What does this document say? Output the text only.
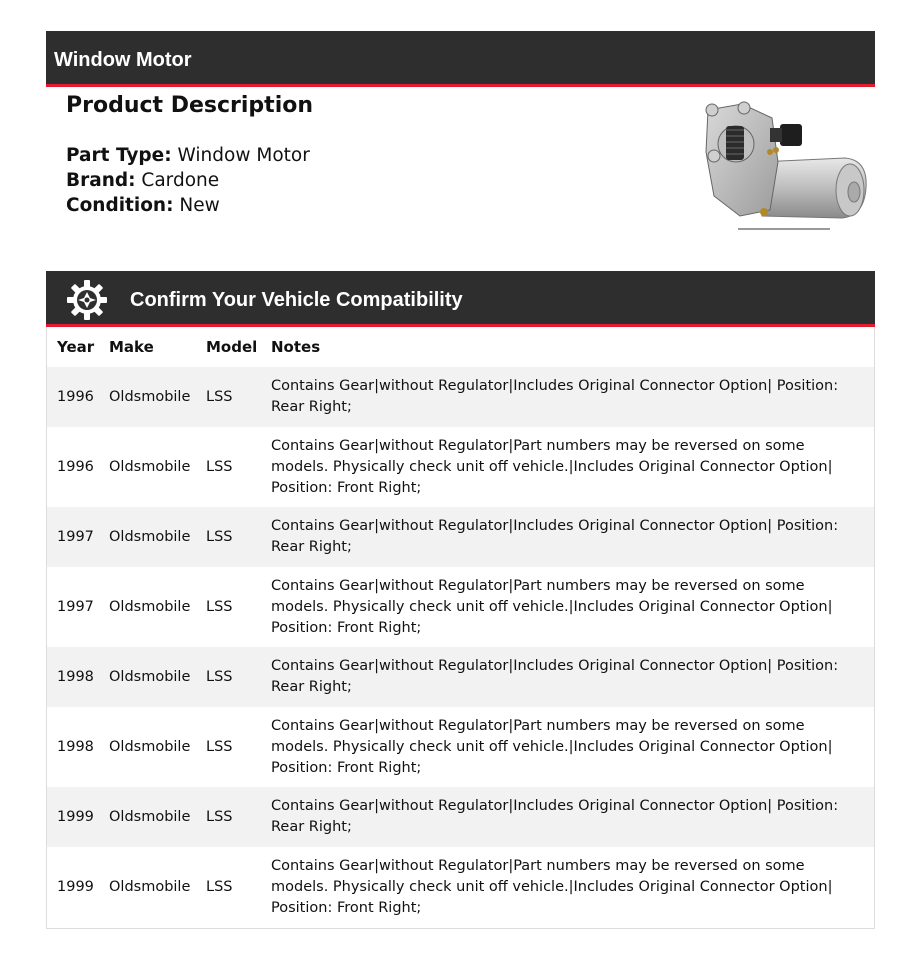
Window Motor
Product Description
Part Type: Window Motor
Brand: Cardone
Condition: New
Confirm Your Vehicle Compatibility
Year	Make	Model	Notes
1996	Oldsmobile	LSS	Contains Gear|without Regulator|Includes Original Connector Option| Position: Rear Right;
1996	Oldsmobile	LSS	Contains Gear|without Regulator|Part numbers may be reversed on some models. Physically check unit off vehicle.|Includes Original Connector Option| Position: Front Right;
1997	Oldsmobile	LSS	Contains Gear|without Regulator|Includes Original Connector Option| Position: Rear Right;
1997	Oldsmobile	LSS	Contains Gear|without Regulator|Part numbers may be reversed on some models. Physically check unit off vehicle.|Includes Original Connector Option| Position: Front Right;
1998	Oldsmobile	LSS	Contains Gear|without Regulator|Includes Original Connector Option| Position: Rear Right;
1998	Oldsmobile	LSS	Contains Gear|without Regulator|Part numbers may be reversed on some models. Physically check unit off vehicle.|Includes Original Connector Option| Position: Front Right;
1999	Oldsmobile	LSS	Contains Gear|without Regulator|Includes Original Connector Option| Position: Rear Right;
1999	Oldsmobile	LSS	Contains Gear|without Regulator|Part numbers may be reversed on some models. Physically check unit off vehicle.|Includes Original Connector Option| Position: Front Right;
